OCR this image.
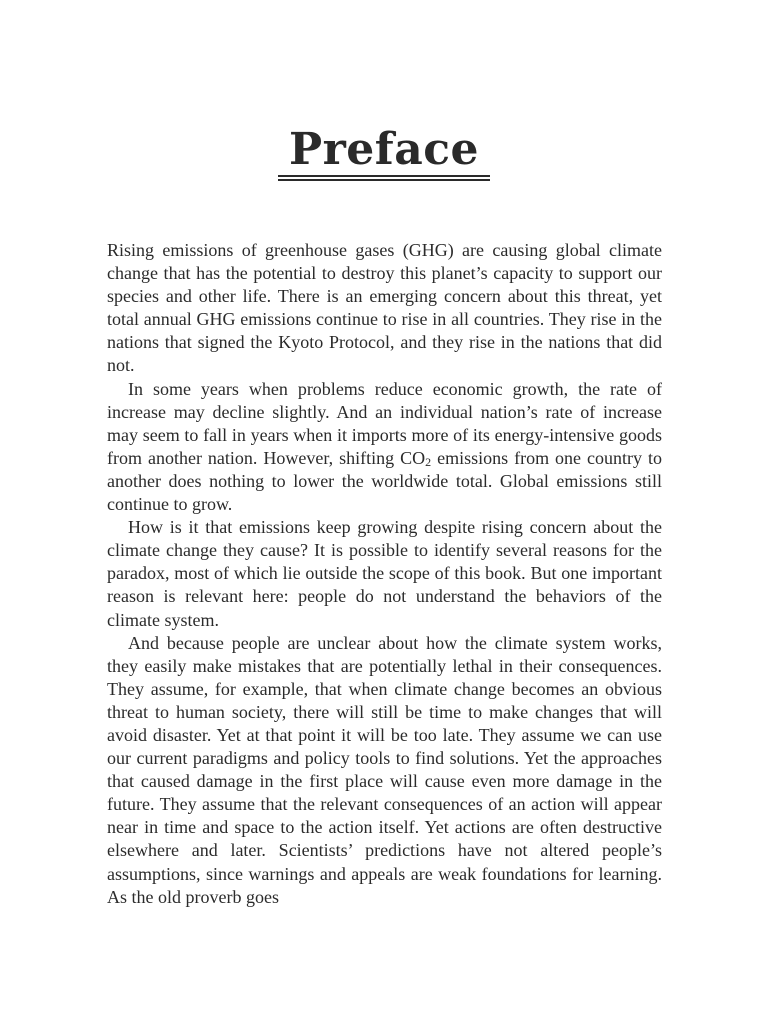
Preface

Rising emissions of greenhouse gases (GHG) are causing global climate change that has the potential to destroy this planet’s capacity to support our species and other life. There is an emerging concern about this threat, yet total annual GHG emissions continue to rise in all countries. They rise in the nations that signed the Kyoto Protocol, and they rise in the nations that did not.

In some years when problems reduce economic growth, the rate of increase may decline slightly. And an individual nation’s rate of increase may seem to fall in years when it imports more of its energy-intensive goods from another nation. However, shifting $CO_2$ emissions from one country to another does nothing to lower the worldwide total. Global emissions still continue to grow.

How is it that emissions keep growing despite rising concern about the climate change they cause? It is possible to identify several reasons for the paradox, most of which lie outside the scope of this book. But one important reason is relevant here: people do not understand the behaviors of the climate system.

And because people are unclear about how the climate system works, they easily make mistakes that are potentially lethal in their consequences. They assume, for example, that when climate change becomes an obvious threat to human society, there will still be time to make changes that will avoid disaster. Yet at that point it will be too late. They assume we can use our current paradigms and policy tools to find solutions. Yet the approaches that caused damage in the first place will cause even more damage in the future. They assume that the relevant consequences of an action will appear near in time and space to the action itself. Yet actions are often destructive elsewhere and later. Scientists’ predictions have not altered people’s assumptions, since warnings and appeals are weak foundations for learning. As the old proverb goes
